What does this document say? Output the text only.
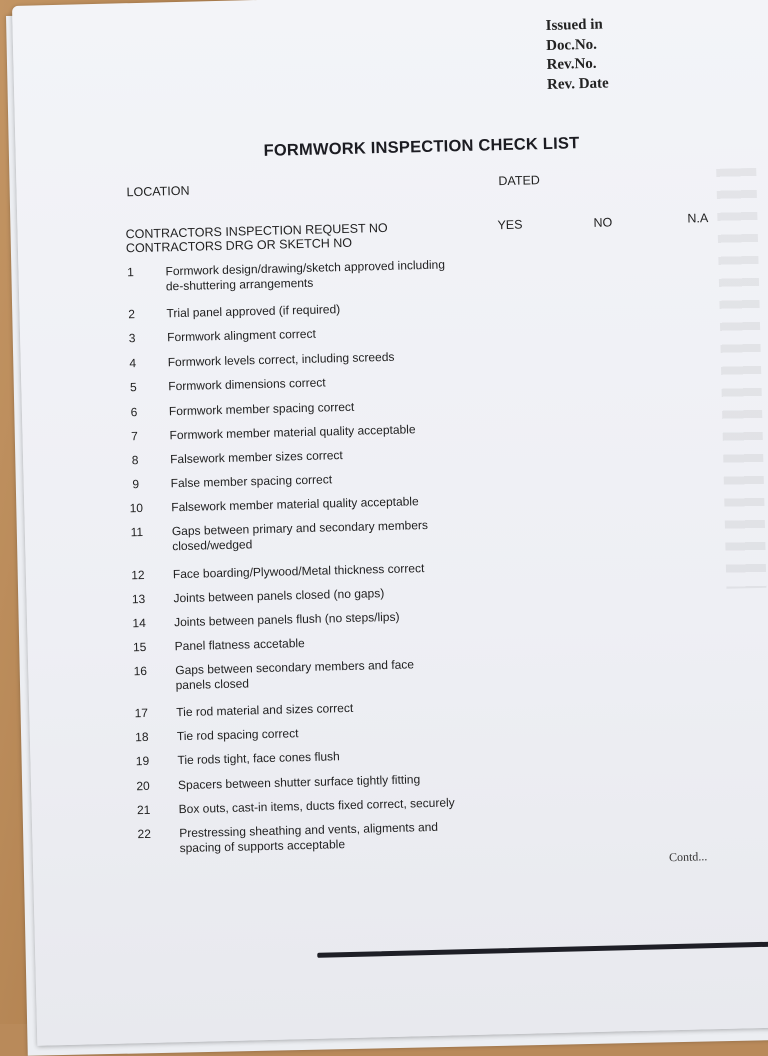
Issued in
Doc.No.
Rev.No.
Rev. Date
FORMWORK INSPECTION CHECK LIST
LOCATION
DATED
CONTRACTORS INSPECTION REQUEST NO
CONTRACTORS DRG OR SKETCH NO
YES	NO	N.A
1	Formwork design/drawing/sketch approved including de-shuttering arrangements
2	Trial panel approved (if required)
3	Formwork alingment correct
4	Formwork levels correct, including screeds
5	Formwork dimensions correct
6	Formwork member spacing correct
7	Formwork member material quality acceptable
8	Falsework member sizes correct
9	False member spacing correct
10	Falsework member material quality acceptable
11	Gaps between primary and secondary members closed/wedged
12	Face boarding/Plywood/Metal thickness correct
13	Joints between panels closed (no gaps)
14	Joints between panels flush (no steps/lips)
15	Panel flatness accetable
16	Gaps between secondary members and face panels closed
17	Tie rod material and sizes correct
18	Tie rod spacing correct
19	Tie rods tight, face cones flush
20	Spacers between shutter surface tightly fitting
21	Box outs, cast-in items, ducts fixed correct, securely
22	Prestressing sheathing and vents, aligments and spacing of supports acceptable
Contd...
